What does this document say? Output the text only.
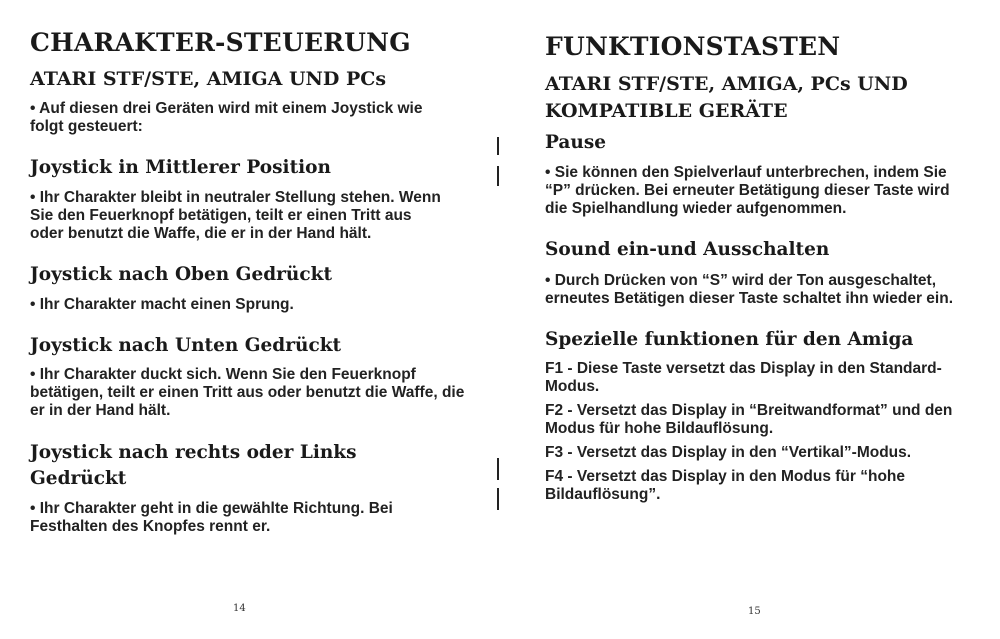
CHARAKTER-STEUERUNG
ATARI STF/STE, AMIGA UND PCs

• Auf diesen drei Geräten wird mit einem Joystick wie folgt gesteuert:

Joystick in Mittlerer Position

• Ihr Charakter bleibt in neutraler Stellung stehen. Wenn Sie den Feuerknopf betätigen, teilt er einen Tritt aus oder benutzt die Waffe, die er in der Hand hält.

Joystick nach Oben Gedrückt

• Ihr Charakter macht einen Sprung.

Joystick nach Unten Gedrückt

• Ihr Charakter duckt sich. Wenn Sie den Feuerknopf betätigen, teilt er einen Tritt aus oder benutzt die Waffe, die er in der Hand hält.

Joystick nach rechts oder Links Gedrückt

• Ihr Charakter geht in die gewählte Richtung. Bei Festhalten des Knopfes rennt er.

14
FUNKTIONSTASTEN
ATARI STF/STE, AMIGA, PCs UND KOMPATIBLE GERÄTE
Pause

• Sie können den Spielverlauf unterbrechen, indem Sie “P” drücken. Bei erneuter Betätigung dieser Taste wird die Spielhandlung wieder aufgenommen.

Sound ein-und Ausschalten

• Durch Drücken von “S” wird der Ton ausgeschaltet, erneutes Betätigen dieser Taste schaltet ihn wieder ein.

Spezielle funktionen für den Amiga

F1 - Diese Taste versetzt das Display in den Standard-Modus.

F2 - Versetzt das Display in “Breitwandformat” und den Modus für hohe Bildauflösung.

F3 - Versetzt das Display in den “Vertikal”-Modus.

F4 - Versetzt das Display in den Modus für “hohe Bildauflösung”.

15
